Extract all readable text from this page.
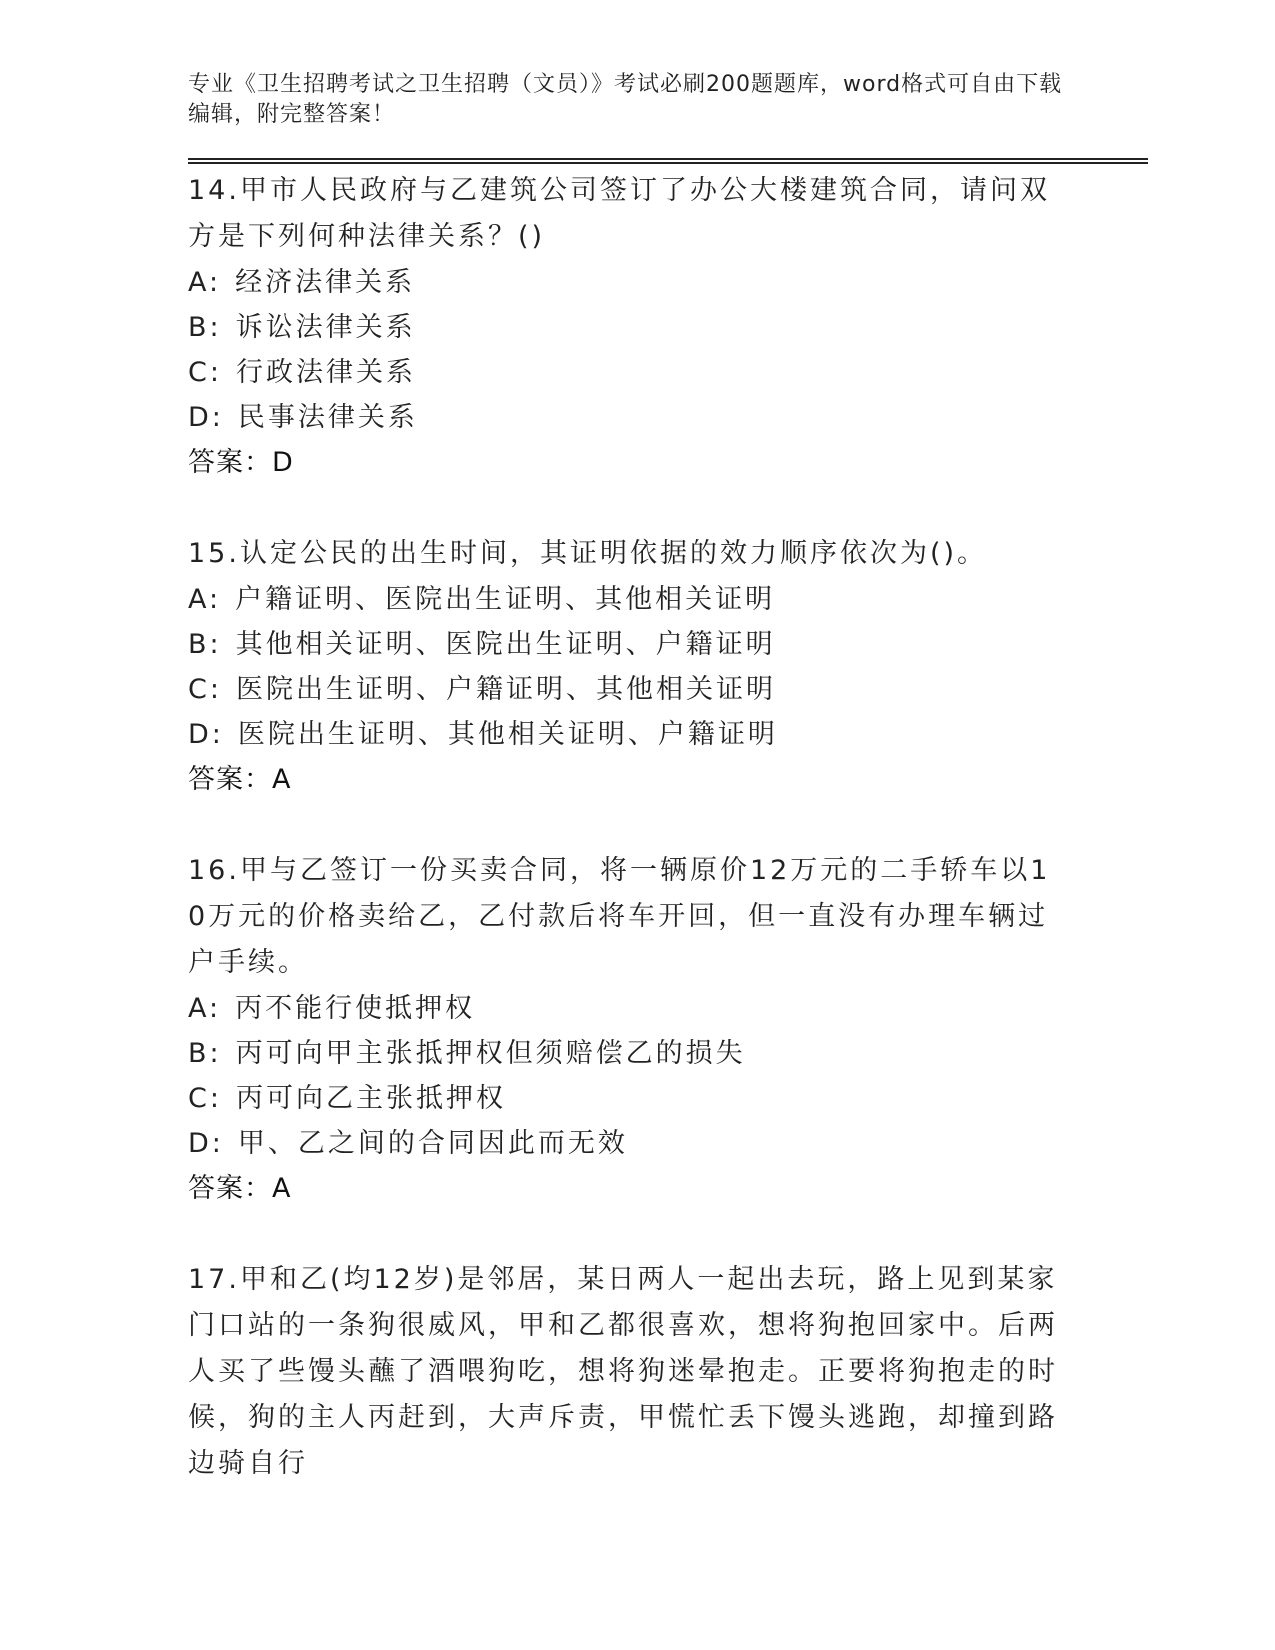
专业《卫生招聘考试之卫生招聘（文员）》考试必刷200题题库，word格式可自由下载编辑，附完整答案！
14.甲市人民政府与乙建筑公司签订了办公大楼建筑合同，请问双方是下列何种法律关系？()
A: 经济法律关系
B: 诉讼法律关系
C: 行政法律关系
D: 民事法律关系
答案：D
15.认定公民的出生时间，其证明依据的效力顺序依次为()。
A: 户籍证明、医院出生证明、其他相关证明
B: 其他相关证明、医院出生证明、户籍证明
C: 医院出生证明、户籍证明、其他相关证明
D: 医院出生证明、其他相关证明、户籍证明
答案：A
16.甲与乙签订一份买卖合同，将一辆原价12万元的二手轿车以10万元的价格卖给乙，乙付款后将车开回，但一直没有办理车辆过户手续。
A: 丙不能行使抵押权
B: 丙可向甲主张抵押权但须赔偿乙的损失
C: 丙可向乙主张抵押权
D: 甲、乙之间的合同因此而无效
答案：A
17.甲和乙(均12岁)是邻居，某日两人一起出去玩，路上见到某家门口站的一条狗很威风，甲和乙都很喜欢，想将狗抱回家中。后两人买了些馒头蘸了酒喂狗吃，想将狗迷晕抱走。正要将狗抱走的时候，狗的主人丙赶到，大声斥责，甲慌忙丢下馒头逃跑，却撞到路边骑自行
